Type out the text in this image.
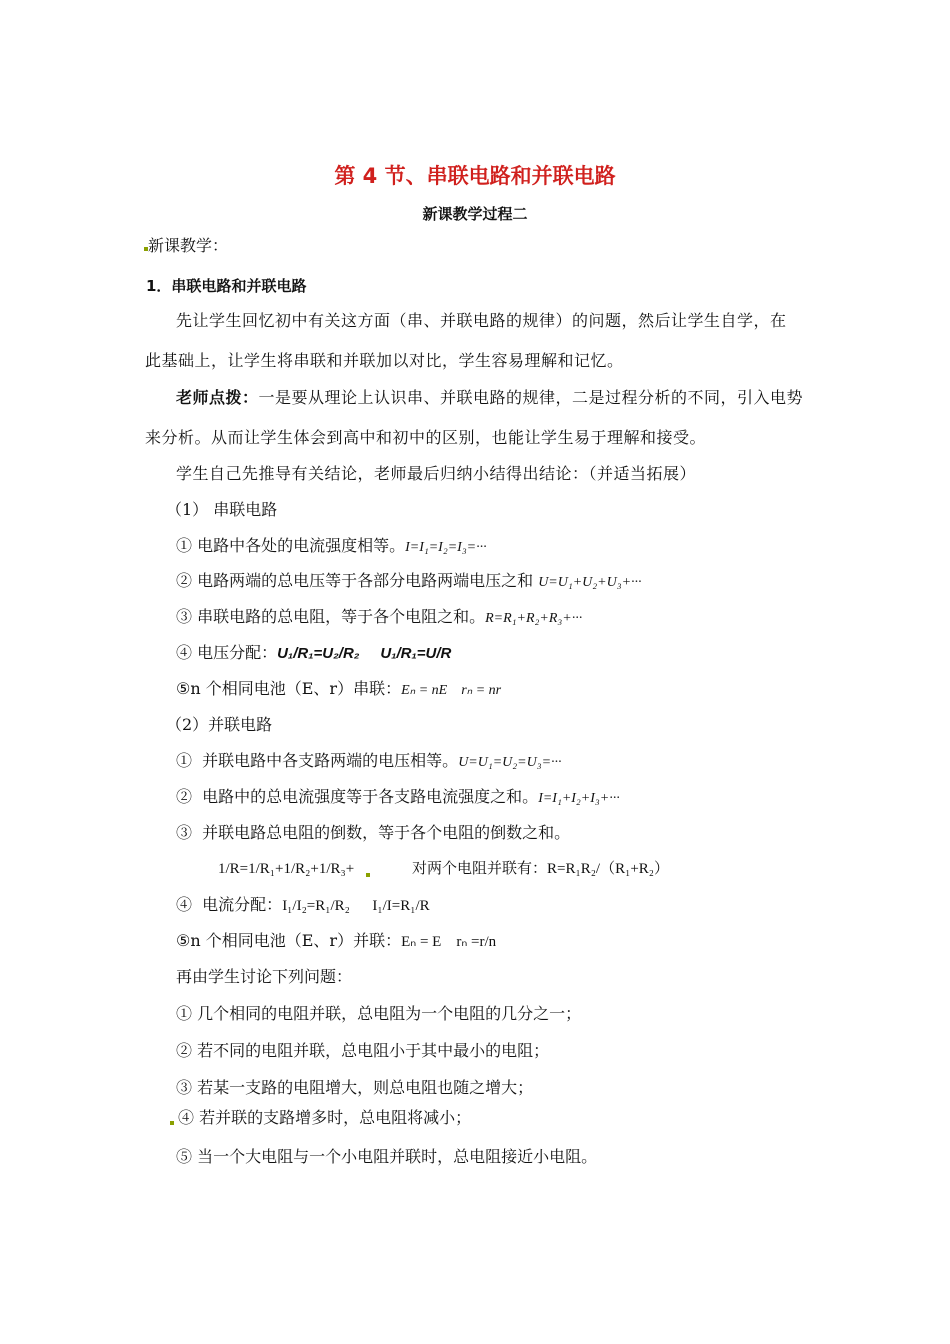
第 4 节、串联电路和并联电路
新课教学过程二
新课教学：
1．串联电路和并联电路
先让学生回忆初中有关这方面（串、并联电路的规律）的问题，然后让学生自学，在
此基础上，让学生将串联和并联加以对比，学生容易理解和记忆。
老师点拨：一是要从理论上认识串、并联电路的规律，二是过程分析的不同，引入电势
来分析。从而让学生体会到高中和初中的区别，也能让学生易于理解和接受。
学生自己先推导有关结论，老师最后归纳小结得出结论：（并适当拓展）
（1） 串联电路
① 电路中各处的电流强度相等。I=I₁=I₂=I₃=···
② 电路两端的总电压等于各部分电路两端电压之和 U=U₁+U₂+U₃+···
③ 串联电路的总电阻，等于各个电阻之和。R=R₁+R₂+R₃+···
④ 电压分配：U₁/R₁=U₂/R₂     U₁/R₁=U/R
⑤n 个相同电池（E、r）串联：Eₙ = nE    rₙ = nr
（2）并联电路
①  并联电路中各支路两端的电压相等。U=U₁=U₂=U₃=···
②  电路中的总电流强度等于各支路电流强度之和。I=I₁+I₂+I₃+···
③  并联电路总电阻的倒数，等于各个电阻的倒数之和。
1/R=1/R₁+1/R₂+1/R₃+	对两个电阻并联有：R=R₁R₂/（R₁+R₂）
④  电流分配：I₁/I₂=R₁/R₂      I₁/I=R₁/R
⑤n 个相同电池（E、r）并联：Eₙ = E    rₙ =r/n
再由学生讨论下列问题：
① 几个相同的电阻并联，总电阻为一个电阻的几分之一；
② 若不同的电阻并联，总电阻小于其中最小的电阻；
③ 若某一支路的电阻增大，则总电阻也随之增大；
④ 若并联的支路增多时，总电阻将减小；
⑤ 当一个大电阻与一个小电阻并联时，总电阻接近小电阻。
